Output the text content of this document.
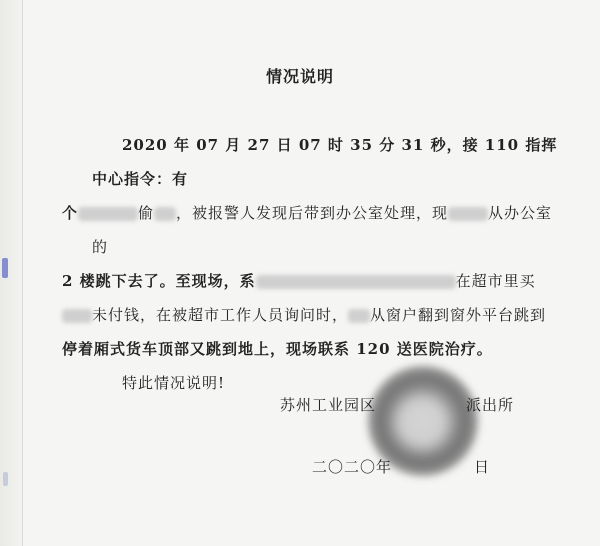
情况说明

2020 年 07 月 27 日 07 时 35 分 31 秒，接 110 指挥中心指令：有
个	偷 ，被报警人发现后带到办公室处理，现	从办公室的
2 楼跳下去了。至现场，系	在超市里买
未付钱，在被超市工作人员询问时， 从窗户翻到窗外平台跳到
停着厢式货车顶部又跳到地上，现场联系 120 送医院治疗。

特此情况说明!

苏州工业园区	派出所
二〇二〇年	日
